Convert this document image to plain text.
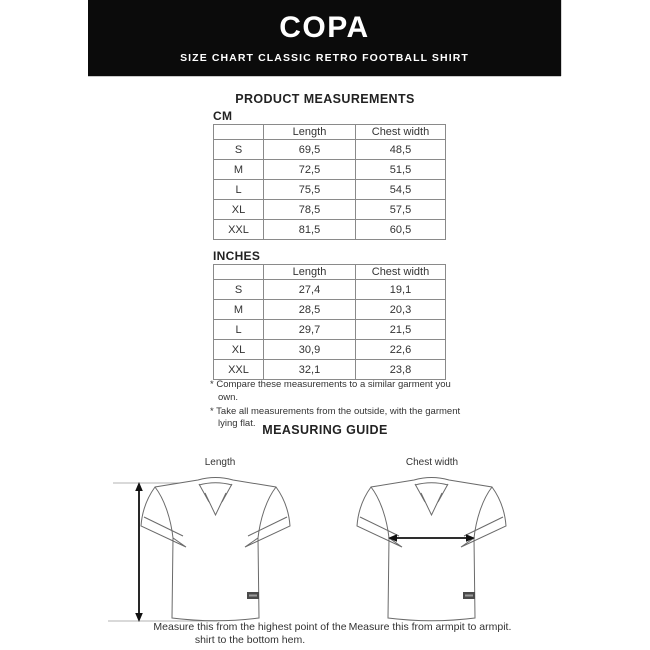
COPA
SIZE CHART CLASSIC RETRO FOOTBALL SHIRT
PRODUCT MEASUREMENTS
CM
	Length	Chest width
S	69,5	48,5
M	72,5	51,5
L	75,5	54,5
XL	78,5	57,5
XXL	81,5	60,5
INCHES
	Length	Chest width
S	27,4	19,1
M	28,5	20,3
L	29,7	21,5
XL	30,9	22,6
XXL	32,1	23,8

* Compare these measurements to a similar garment you own.

* Take all measurements from the outside, with the garment lying flat. MEASURING GUIDE
Length	Chest width
Measure this from the highest point of the shirt to the bottom hem.
Measure this from armpit to armpit.
